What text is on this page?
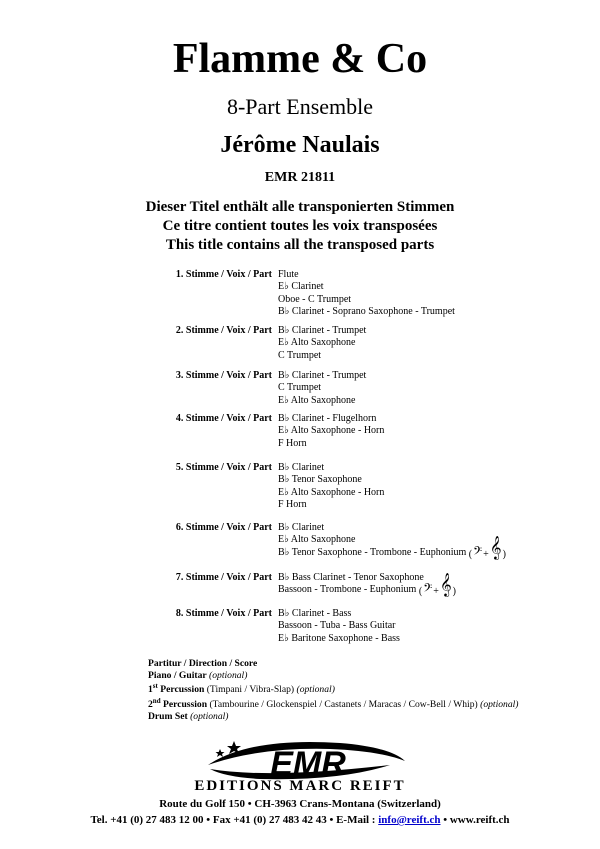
Flamme & Co
8-Part Ensemble
Jérôme Naulais
EMR 21811
Dieser Titel enthält alle transponierten Stimmen
Ce titre contient toutes les voix transposées
This title contains all the transposed parts
1. Stimme / Voix / Part Flute
E♭ Clarinet
Oboe - C Trumpet
B♭ Clarinet - Soprano Saxophone - Trumpet
2. Stimme / Voix / Part B♭ Clarinet - Trumpet
E♭ Alto Saxophone
C Trumpet
3. Stimme / Voix / Part B♭ Clarinet - Trumpet
C Trumpet
E♭ Alto Saxophone
4. Stimme / Voix / Part B♭ Clarinet - Flugelhorn
E♭ Alto Saxophone - Horn
F Horn
5. Stimme / Voix / Part B♭ Clarinet
B♭ Tenor Saxophone
E♭ Alto Saxophone - Horn
F Horn
6. Stimme / Voix / Part B♭ Clarinet
E♭ Alto Saxophone
B♭ Tenor Saxophone - Trombone - Euphonium (𝄢+𝄞)
7. Stimme / Voix / Part B♭ Bass Clarinet - Tenor Saxophone
Bassoon - Trombone - Euphonium (𝄢+𝄞)
8. Stimme / Voix / Part B♭ Clarinet - Bass
Bassoon - Tuba - Bass Guitar
E♭ Baritone Saxophone - Bass
Partitur / Direction / Score
Piano / Guitar (optional)
1st Percussion (Timpani / Vibra-Slap) (optional)
2nd Percussion (Tambourine / Glockenspiel / Castanets / Maracas / Cow-Bell / Whip) (optional)
Drum Set (optional)
EMR
EDITIONS MARC REIFT
Route du Golf 150 • CH-3963 Crans-Montana (Switzerland)
Tel. +41 (0) 27 483 12 00 • Fax +41 (0) 27 483 42 43 • E-Mail : info@reift.ch • www.reift.ch
